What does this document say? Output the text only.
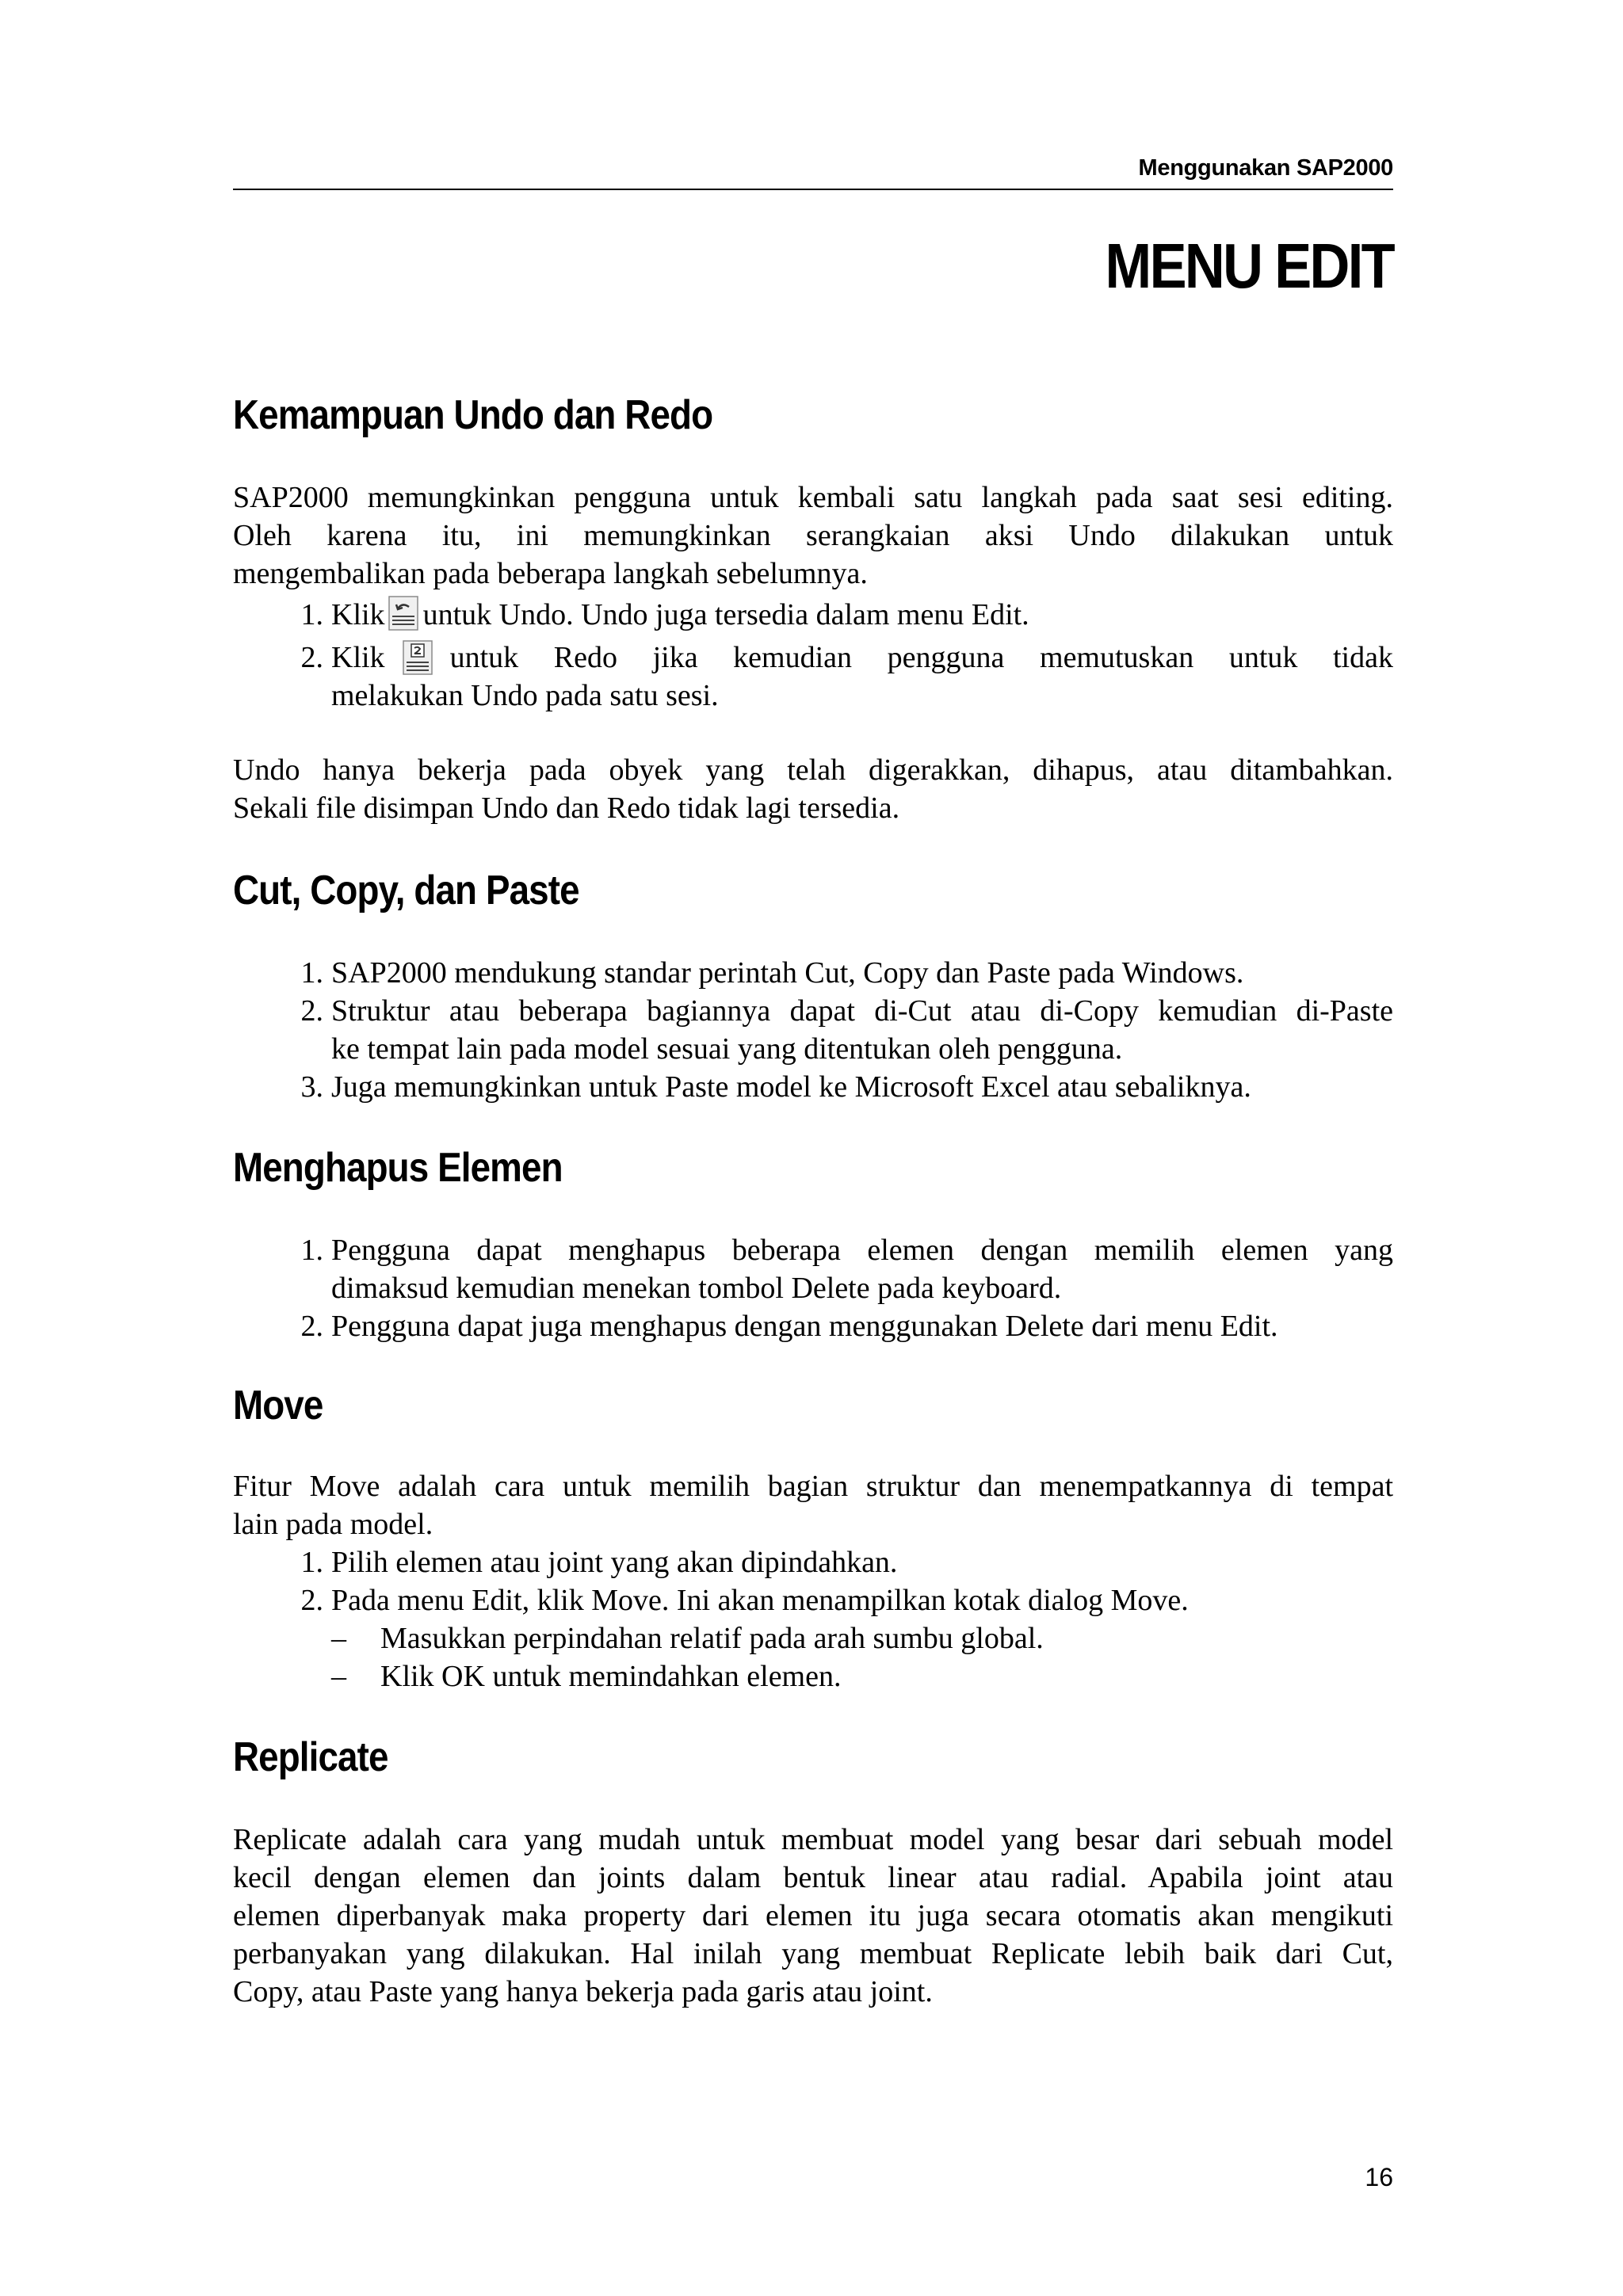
Menggunakan SAP2000
MENU EDIT
Kemampuan Undo dan Redo
SAP2000 memungkinkan pengguna untuk kembali satu langkah pada saat sesi editing.
Oleh karena itu, ini memungkinkan serangkaian aksi Undo dilakukan untuk
mengembalikan pada beberapa langkah sebelumnya.
1. Klik untuk Undo. Undo juga tersedia dalam menu Edit.
2. Klik untuk Redo jika kemudian pengguna memutuskan untuk tidak
melakukan Undo pada satu sesi.
Undo hanya bekerja pada obyek yang telah digerakkan, dihapus, atau ditambahkan.
Sekali file disimpan Undo dan Redo tidak lagi tersedia.
Cut, Copy, dan Paste
1. SAP2000 mendukung standar perintah Cut, Copy dan Paste pada Windows.
2. Struktur atau beberapa bagiannya dapat di-Cut atau di-Copy kemudian di-Paste
ke tempat lain pada model sesuai yang ditentukan oleh pengguna.
3. Juga memungkinkan untuk Paste model ke Microsoft Excel atau sebaliknya.
Menghapus Elemen
1. Pengguna dapat menghapus beberapa elemen dengan memilih elemen yang
dimaksud kemudian menekan tombol Delete pada keyboard.
2. Pengguna dapat juga menghapus dengan menggunakan Delete dari menu Edit.
Move
Fitur Move adalah cara untuk memilih bagian struktur dan menempatkannya di tempat
lain pada model.
1. Pilih elemen atau joint yang akan dipindahkan.
2. Pada menu Edit, klik Move. Ini akan menampilkan kotak dialog Move.
– Masukkan perpindahan relatif pada arah sumbu global.
– Klik OK untuk memindahkan elemen.
Replicate
Replicate adalah cara yang mudah untuk membuat model yang besar dari sebuah model
kecil dengan elemen dan joints dalam bentuk linear atau radial. Apabila joint atau
elemen diperbanyak maka property dari elemen itu juga secara otomatis akan mengikuti
perbanyakan yang dilakukan. Hal inilah yang membuat Replicate lebih baik dari Cut,
Copy, atau Paste yang hanya bekerja pada garis atau joint.
16
